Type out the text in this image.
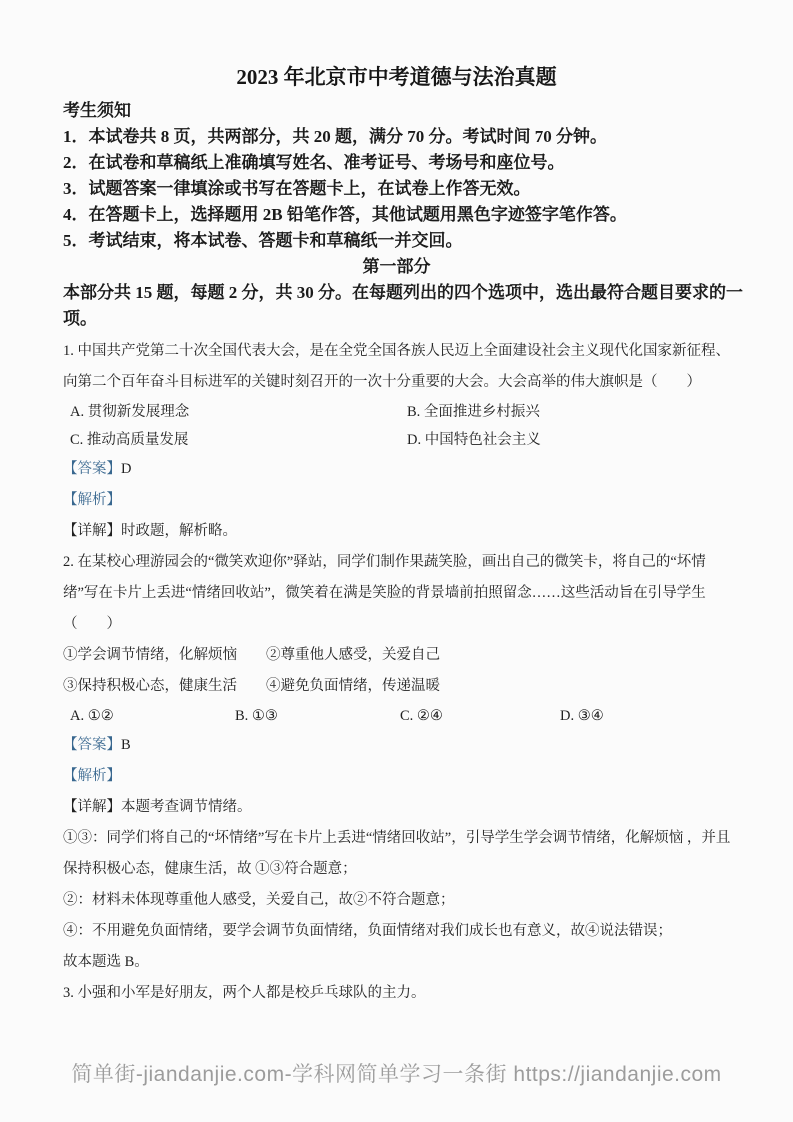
2023 年北京市中考道德与法治真题
考生须知
1．本试卷共 8 页，共两部分，共 20 题，满分 70 分。考试时间 70 分钟。
2．在试卷和草稿纸上准确填写姓名、准考证号、考场号和座位号。
3．试题答案一律填涂或书写在答题卡上，在试卷上作答无效。
4．在答题卡上，选择题用 2B 铅笔作答，其他试题用黑色字迹签字笔作答。
5．考试结束，将本试卷、答题卡和草稿纸一并交回。
第一部分
本部分共 15 题，每题 2 分，共 30 分。在每题列出的四个选项中，选出最符合题目要求的一
项。
1. 中国共产党第二十次全国代表大会，是在全党全国各族人民迈上全面建设社会主义现代化国家新征程、
向第二个百年奋斗目标进军的关键时刻召开的一次十分重要的大会。大会高举的伟大旗帜是（　　）
A. 贯彻新发展理念	B. 全面推进乡村振兴
C. 推动高质量发展	D. 中国特色社会主义
【答案】D
【解析】
【详解】时政题，解析略。
2. 在某校心理游园会的“微笑欢迎你”驿站，同学们制作果蔬笑脸，画出自己的微笑卡，将自己的“坏情
绪”写在卡片上丢进“情绪回收站”，微笑着在满是笑脸的背景墙前拍照留念……这些活动旨在引导学生
（　　）
①学会调节情绪，化解烦恼　　②尊重他人感受，关爱自己
③保持积极心态，健康生活　　④避免负面情绪，传递温暖
A. ①②	B. ①③	C. ②④	D. ③④
【答案】B
【解析】
【详解】本题考查调节情绪。
①③：同学们将自己的“坏情绪”写在卡片上丢进“情绪回收站”，引导学生学会调节情绪，化解烦恼 ，并且
保持积极心态，健康生活，故 ①③符合题意；
②：材料未体现尊重他人感受，关爱自己，故②不符合题意；
④：不用避免负面情绪，要学会调节负面情绪，负面情绪对我们成长也有意义，故④说法错误；
故本题选 B。
3. 小强和小军是好朋友，两个人都是校乒乓球队的主力。
简单街-jiandanjie.com-学科网简单学习一条街 https://jiandanjie.com
